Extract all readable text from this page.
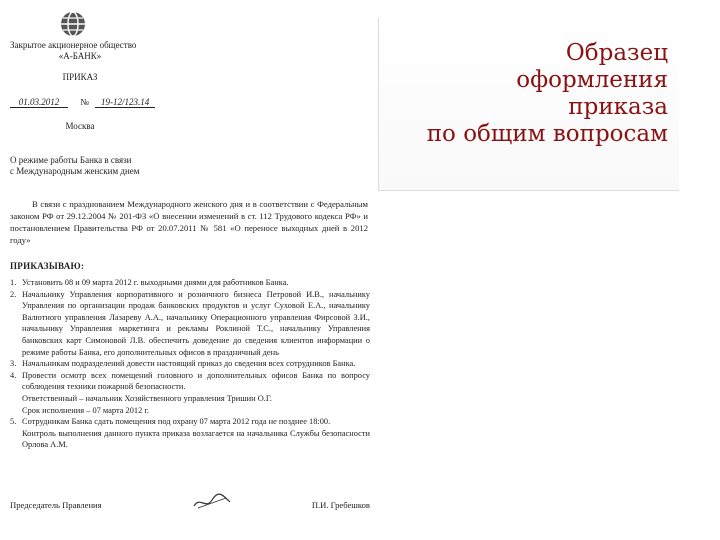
Закрытое акционерное общество
«А-БАНК»
ПРИКАЗ
01.03.2012 № 19-12/123.14
Москва
О режиме работы Банка в связи
с Международным женским днем
В связи с празднованием Международного женского дня и в соответствии с Федеральным законом РФ от 29.12.2004 № 201-ФЗ «О внесении изменений в ст. 112 Трудового кодекса РФ» и постановлением Правительства РФ от 20.07.2011 № 581 «О переносе выходных дней в 2012 году»
ПРИКАЗЫВАЮ:
1. Установить 08 и 09 марта 2012 г. выходными днями для работников Банка.
2. Начальнику Управления корпоративного и розничного бизнеса Петровой И.В., начальнику Управления по организации продаж банковских продуктов и услуг Суховой Е.А., начальнику Валютного управления Лазареву А.А., начальнику Операционного управления Фирсовой З.И., начальнику Управления маркетинга и рекламы Роклиной Т.С., начальнику Управления банковских карт Симоновой Л.В. обеспечить доведение до сведения клиентов информации о режиме работы Банка, его дополнительных офисов в праздничный день
3. Начальникам подразделений довести настоящий приказ до сведения всех сотрудников Банка.
4. Провести осмотр всех помещений головного и дополнительных офисов Банка по вопросу соблюдения техники пожарной безопасности.
Ответственный – начальник Хозяйственного управления Тришин О.Г.
Срок исполнения – 07 марта 2012 г.
5. Сотрудникам Банка сдать помещения под охрану 07 марта 2012 года не позднее 18:00.
Контроль выполнения данного пункта приказа возлагается на начальника Службы безопасности Орлова А.М.
Председатель Правления	П.И. Гребешков
Образец
оформления
приказа
по общим вопросам
